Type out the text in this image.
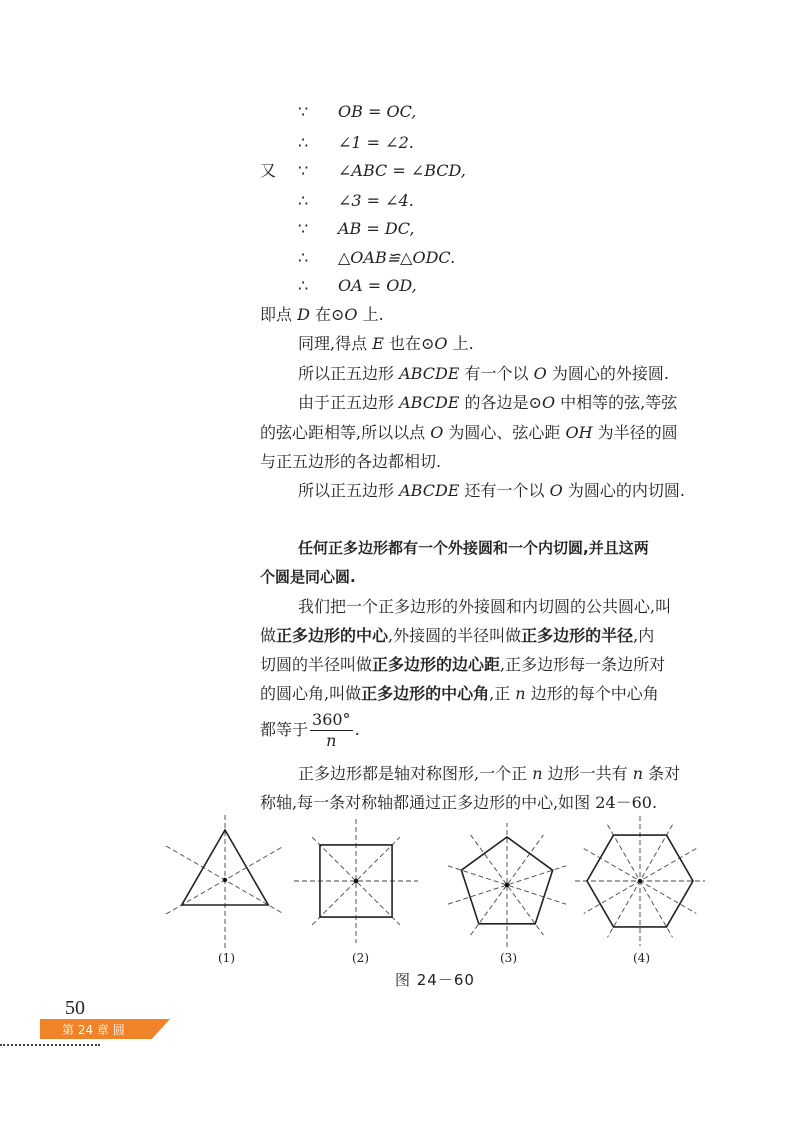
∵ OB = OC,
∴ ∠1 = ∠2.
又 ∵ ∠ABC = ∠BCD,
∴ ∠3 = ∠4.
∵ AB = DC,
∴ △OAB≌△ODC.
∴ OA = OD,
即点 D 在⊙O 上.
同理,得点 E 也在⊙O 上.
所以正五边形 ABCDE 有一个以 O 为圆心的外接圆.
由于正五边形 ABCDE 的各边是⊙O 中相等的弦,等弦
的弦心距相等,所以以点 O 为圆心、弦心距 OH 为半径的圆
与正五边形的各边都相切.
所以正五边形 ABCDE 还有一个以 O 为圆心的内切圆.
任何正多边形都有一个外接圆和一个内切圆,并且这两
个圆是同心圆.
我们把一个正多边形的外接圆和内切圆的公共圆心,叫
做正多边形的中心,外接圆的半径叫做正多边形的半径,内
切圆的半径叫做正多边形的边心距,正多边形每一条边所对
的圆心角,叫做正多边形的中心角,正 n 边形的每个中心角
都等于 $\frac{360^\circ}{n}$ .
正多边形都是轴对称图形,一个正 n 边形一共有 n 条对
称轴,每一条对称轴都通过正多边形的中心,如图 24－60.
(1)	(2)	(3)	(4)
图 24－60
50
第 24 章 圆
